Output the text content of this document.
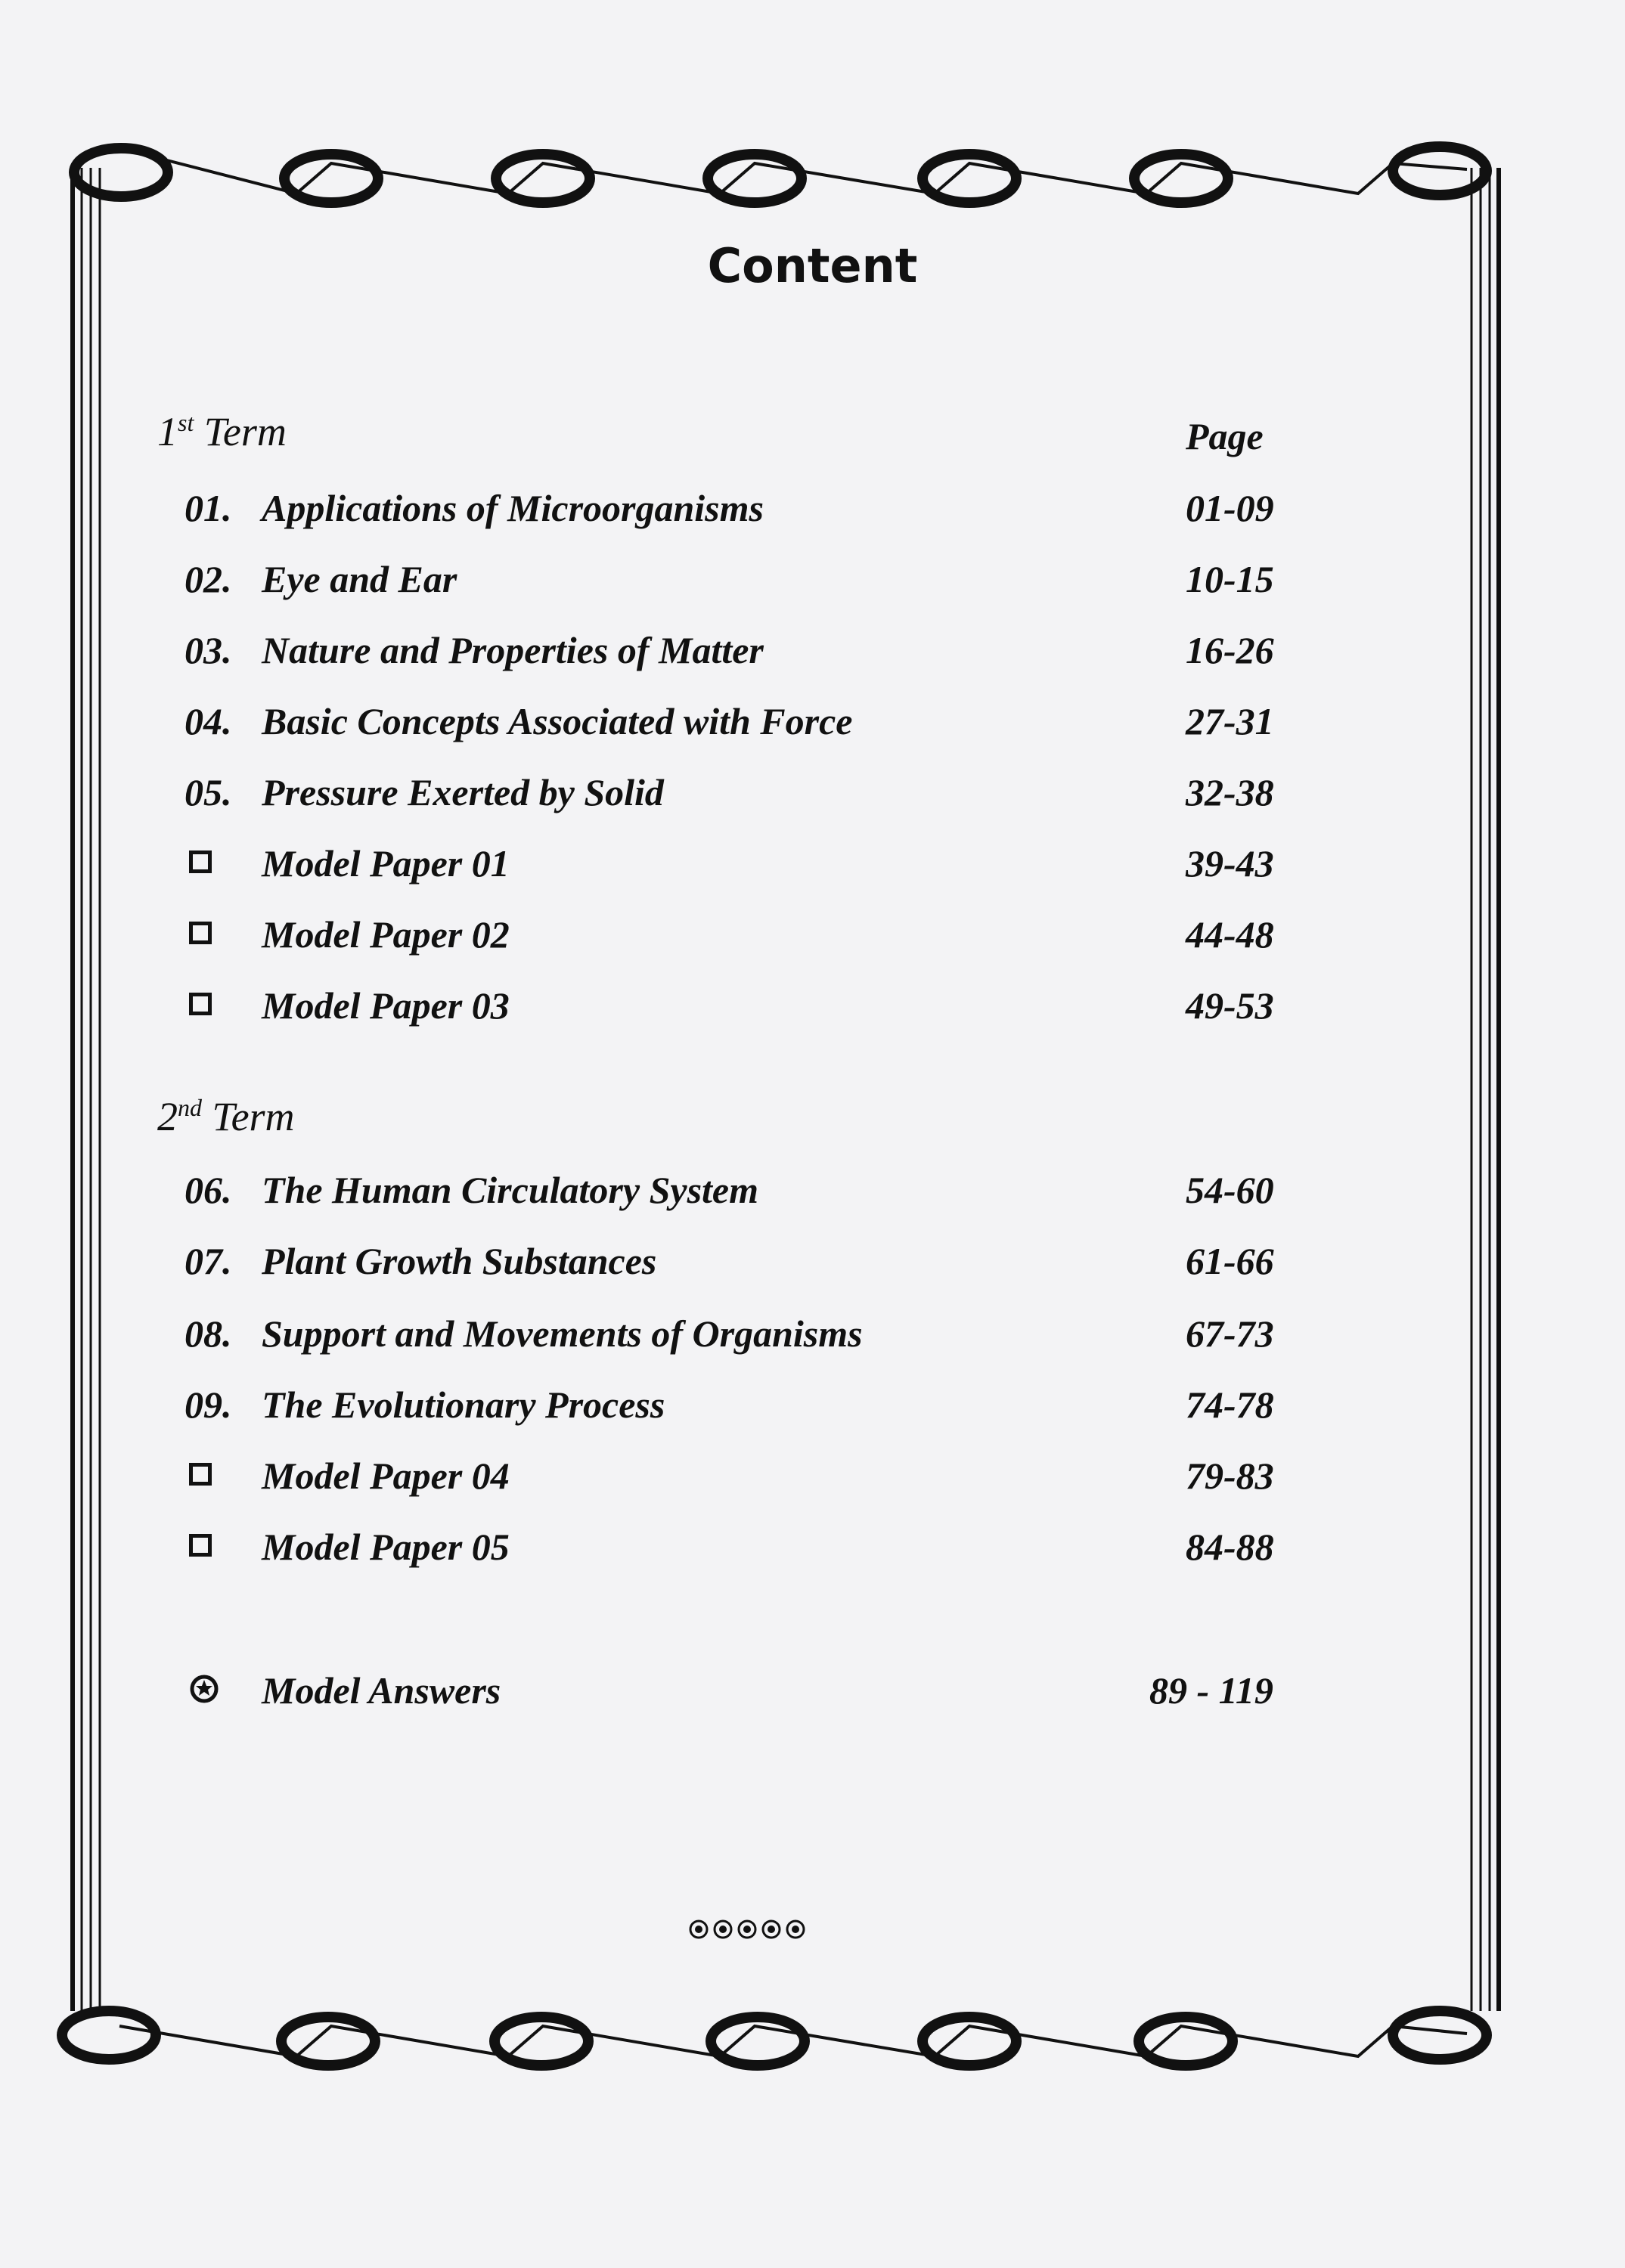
Content
1st Term	Page
01. Applications of Microorganisms	01-09
02. Eye and Ear	10-15
03. Nature and Properties of Matter	16-26
04. Basic Concepts Associated with Force	27-31
05. Pressure Exerted by Solid	32-38
Model Paper 01	39-43
Model Paper 02	44-48
Model Paper 03	49-53
2nd Term
06. The Human Circulatory System	54-60
07. Plant Growth Substances	61-66
08. Support and Movements of Organisms	67-73
09. The Evolutionary Process	74-78
Model Paper 04	79-83
Model Paper 05	84-88
Model Answers	89 - 119
